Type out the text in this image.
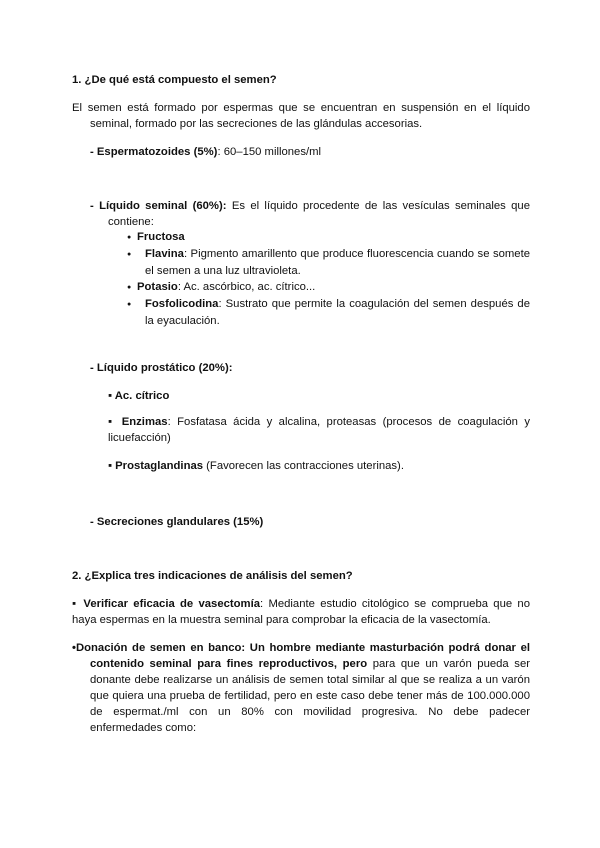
1. ¿De qué está compuesto el semen?
El semen está formado por espermas que se encuentran en suspensión en el líquido seminal, formado por las secreciones de las glándulas accesorias.
- Espermatozoides (5%): 60–150 millones/ml
- Líquido seminal (60%): Es el líquido procedente de las vesículas seminales que contiene:
● Fructosa
●Flavina: Pigmento amarillento que produce fluorescencia cuando se somete el semen a una luz ultravioleta.
● Potasio: Ac. ascórbico, ac. cítrico...
●Fosfolicodina: Sustrato que permite la coagulación del semen después de la eyaculación.
- Líquido prostático (20%):
▪ Ac. cítrico
▪ Enzimas: Fosfatasa ácida y alcalina, proteasas (procesos de coagulación y licuefacción)
▪ Prostaglandinas (Favorecen las contracciones uterinas).
- Secreciones glandulares (15%)
2. ¿Explica tres indicaciones de análisis del semen?
▪ Verificar eficacia de vasectomía: Mediante estudio citológico se comprueba que no haya espermas en la muestra seminal para comprobar la eficacia de la vasectomía.
•Donación de semen en banco: Un hombre mediante masturbación podrá donar el contenido seminal para fines reproductivos, pero para que un varón pueda ser donante debe realizarse un análisis de semen total similar al que se realiza a un varón que quiera una prueba de fertilidad, pero en este caso debe tener más de 100.000.000 de espermat./ml con un 80% con movilidad progresiva. No debe padecer enfermedades como:
